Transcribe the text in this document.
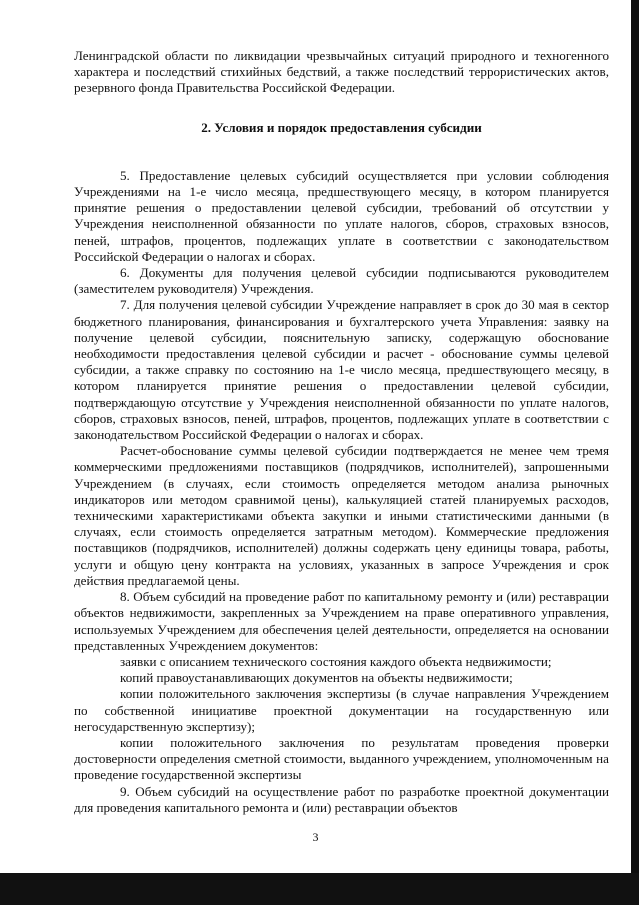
Ленинградской области по ликвидации чрезвычайных ситуаций природного и техногенного характера и последствий стихийных бедствий, а также последствий террористических актов, резервного фонда Правительства Российской Федерации.

2. Условия и порядок предоставления субсидии

5. Предоставление целевых субсидий осуществляется при условии соблюдения Учреждениями на 1-е число месяца, предшествующего месяцу, в котором планируется принятие решения о предоставлении целевой субсидии, требований об отсутствии у Учреждения неисполненной обязанности по уплате налогов, сборов, страховых взносов, пеней, штрафов, процентов, подлежащих уплате в соответствии с законодательством Российской Федерации о налогах и сборах.

6. Документы для получения целевой субсидии подписываются руководителем (заместителем руководителя) Учреждения.

7. Для получения целевой субсидии Учреждение направляет в срок до 30 мая в сектор бюджетного планирования, финансирования и бухгалтерского учета Управления: заявку на получение целевой субсидии, пояснительную записку, содержащую обоснование необходимости предоставления целевой субсидии и расчет - обоснование суммы целевой субсидии, а также справку по состоянию на 1-е число месяца, предшествующего месяцу, в котором планируется принятие решения о предоставлении целевой субсидии, подтверждающую отсутствие у Учреждения неисполненной обязанности по уплате налогов, сборов, страховых взносов, пеней, штрафов, процентов, подлежащих уплате в соответствии с законодательством Российской Федерации о налогах и сборах.

Расчет-обоснование суммы целевой субсидии подтверждается не менее чем тремя коммерческими предложениями поставщиков (подрядчиков, исполнителей), запрошенными Учреждением (в случаях, если стоимость определяется методом анализа рыночных индикаторов или методом сравнимой цены), калькуляцией статей планируемых расходов, техническими характеристиками объекта закупки и иными статистическими данными (в случаях, если стоимость определяется затратным методом). Коммерческие предложения поставщиков (подрядчиков, исполнителей) должны содержать цену единицы товара, работы, услуги и общую цену контракта на условиях, указанных в запросе Учреждения и срок действия предлагаемой цены.

8. Объем субсидий на проведение работ по капитальному ремонту и (или) реставрации объектов недвижимости, закрепленных за Учреждением на праве оперативного управления, используемых Учреждением для обеспечения целей деятельности, определяется на основании представленных Учреждением документов:

заявки с описанием технического состояния каждого объекта недвижимости;

копий правоустанавливающих документов на объекты недвижимости;

копии положительного заключения экспертизы (в случае направления Учреждением по собственной инициативе проектной документации на государственную или негосударственную экспертизу);

копии положительного заключения по результатам проведения проверки достоверности определения сметной стоимости, выданного учреждением, уполномоченным на проведение государственной экспертизы

9. Объем субсидий на осуществление работ по разработке проектной документации для проведения капитального ремонта и (или) реставрации объектов

3
